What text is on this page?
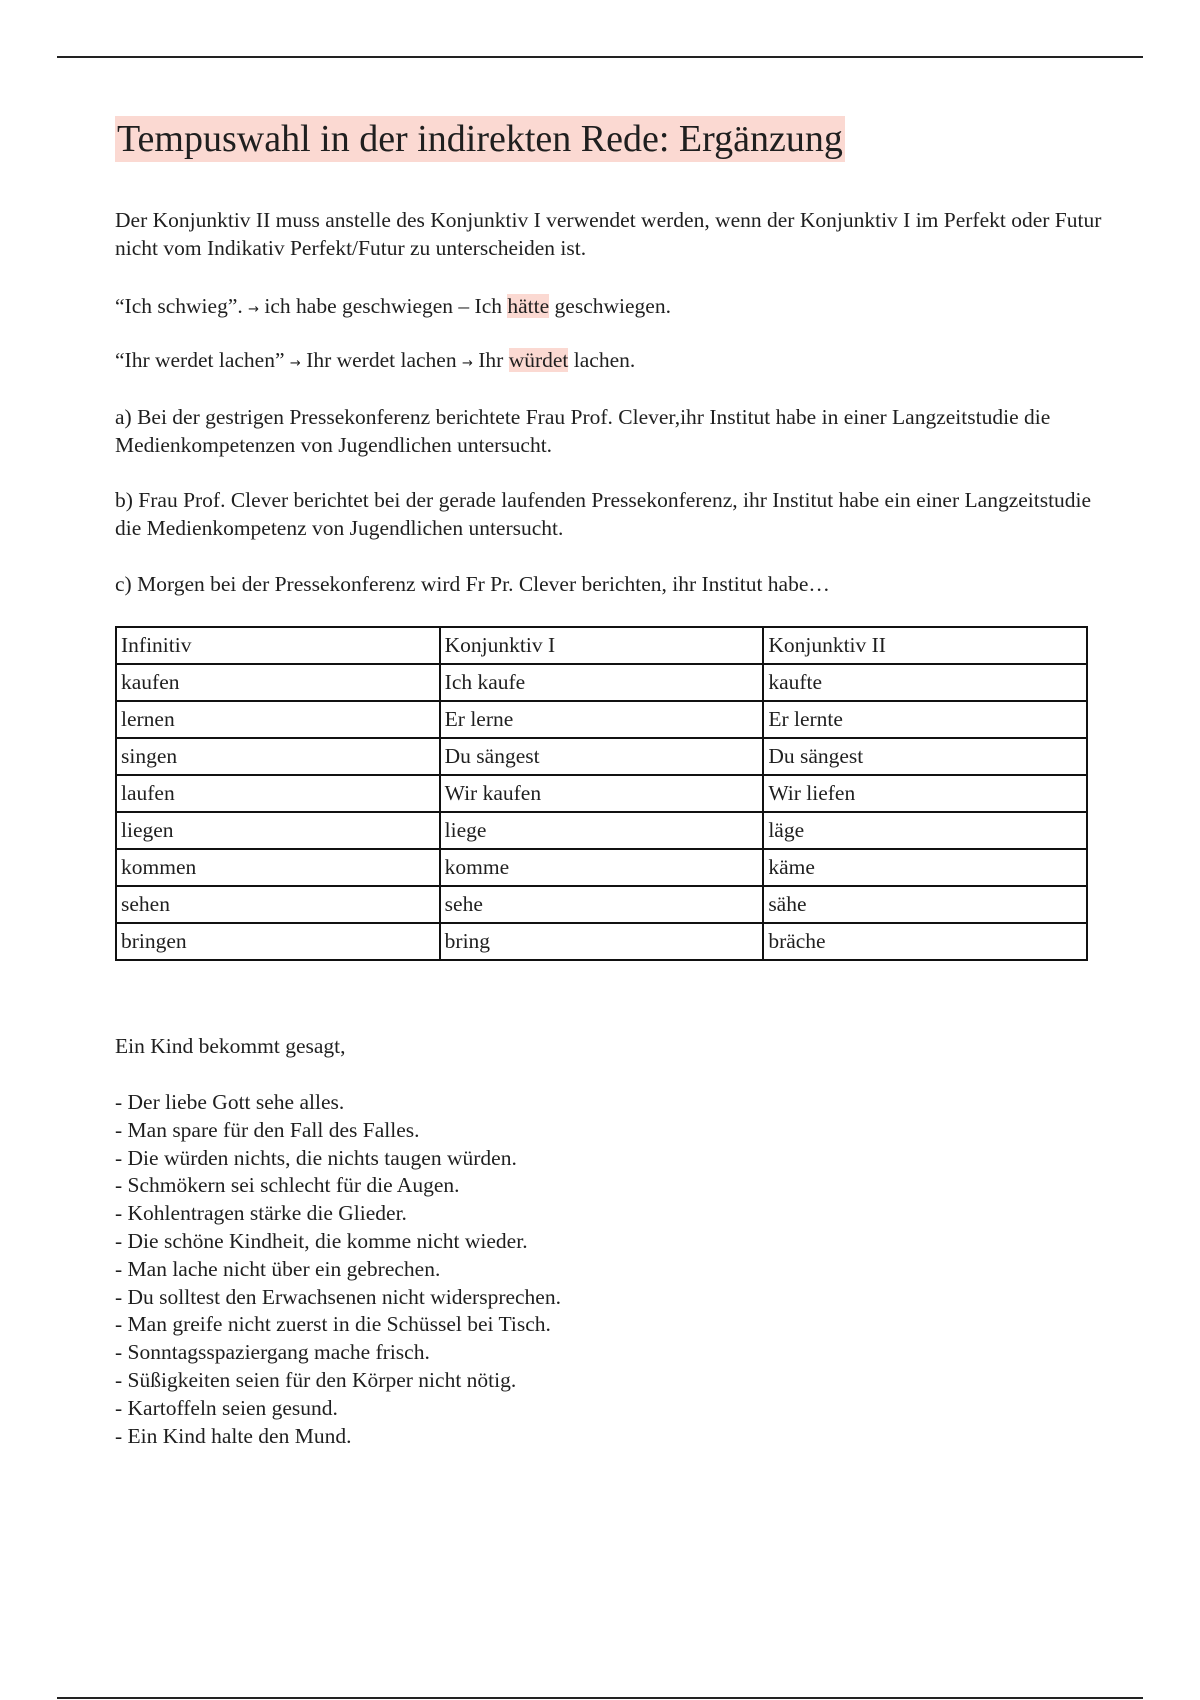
Tempuswahl in der indirekten Rede: Ergänzung
Der Konjunktiv II muss anstelle des Konjunktiv I verwendet werden, wenn der Konjunktiv I im Perfekt oder Futur nicht vom Indikativ Perfekt/Futur zu unterscheiden ist.
“Ich schwieg”. → ich habe geschwiegen – Ich hätte geschwiegen.
“Ihr werdet lachen” → Ihr werdet lachen → Ihr würdet lachen.
a) Bei der gestrigen Pressekonferenz berichtete Frau Prof. Clever,ihr Institut habe in einer Langzeitstudie die Medienkompetenzen von Jugendlichen untersucht.
b) Frau Prof. Clever berichtet bei der gerade laufenden Pressekonferenz, ihr Institut habe ein einer Langzeitstudie die Medienkompetenz von Jugendlichen untersucht.
c) Morgen bei der Pressekonferenz wird Fr Pr. Clever berichten, ihr Institut habe…
Infinitiv	Konjunktiv I	Konjunktiv II
kaufen	Ich kaufe	kaufte
lernen	Er lerne	Er lernte
singen	Du sängest	Du sängest
laufen	Wir kaufen	Wir liefen
liegen	liege	läge
kommen	komme	käme
sehen	sehe	sähe
bringen	bring	bräche
Ein Kind bekommt gesagt,
- Der liebe Gott sehe alles.
- Man spare für den Fall des Falles.
- Die würden nichts, die nichts taugen würden.
- Schmökern sei schlecht für die Augen.
- Kohlentragen stärke die Glieder.
- Die schöne Kindheit, die komme nicht wieder.
- Man lache nicht über ein gebrechen.
- Du solltest den Erwachsenen nicht widersprechen.
- Man greife nicht zuerst in die Schüssel bei Tisch.
- Sonntagsspaziergang mache frisch.
- Süßigkeiten seien für den Körper nicht nötig.
- Kartoffeln seien gesund.
- Ein Kind halte den Mund.
